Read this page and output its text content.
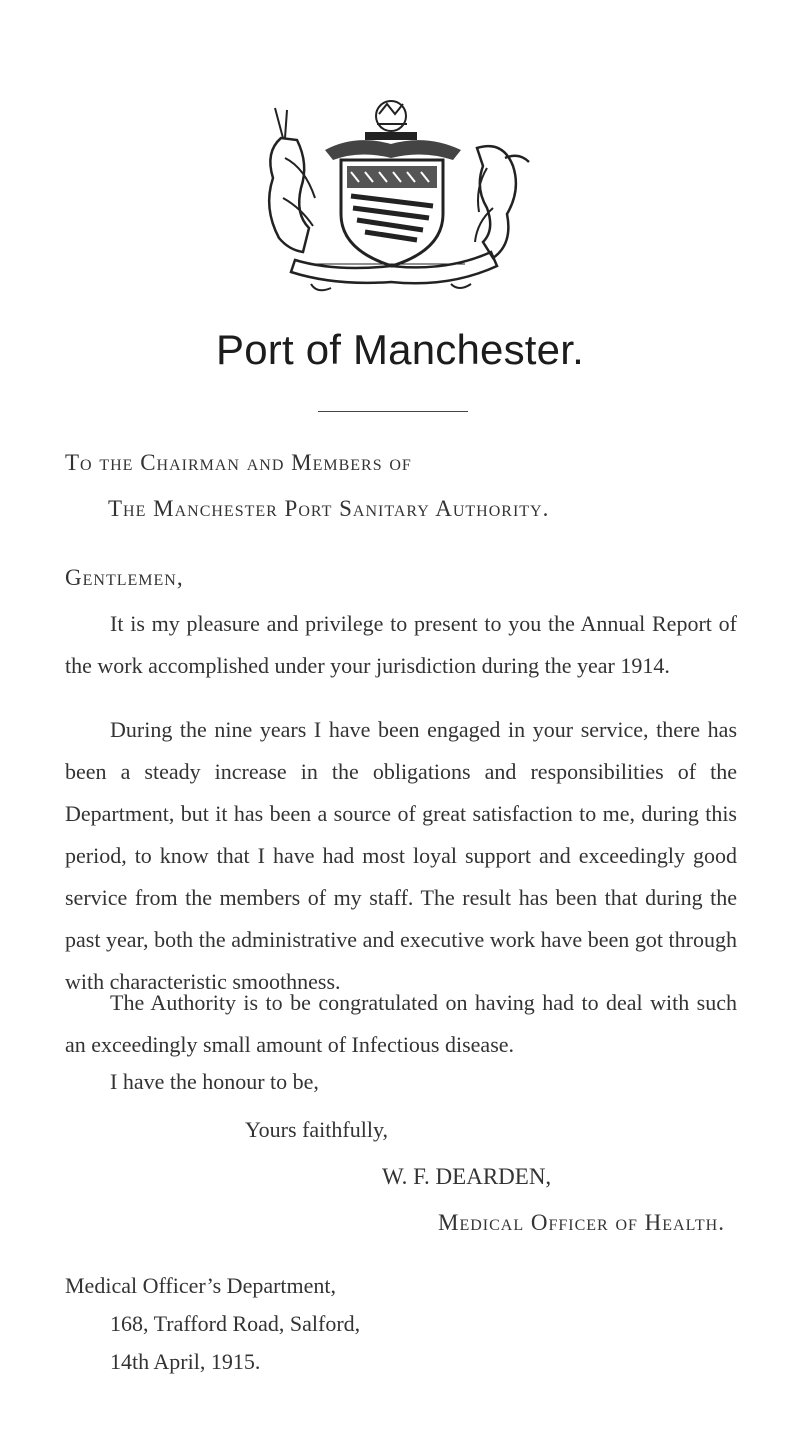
Port of Manchester.
To the Chairman and Members of
The Manchester Port Sanitary Authority.
Gentlemen,
It is my pleasure and privilege to present to you the Annual Report of the work accomplished under your jurisdiction during the year 1914.
During the nine years I have been engaged in your service, there has been a steady increase in the obligations and responsibilities of the Department, but it has been a source of great satisfaction to me, during this period, to know that I have had most loyal support and exceedingly good service from the members of my staff. The result has been that during the past year, both the administrative and executive work have been got through with characteristic smoothness.
The Authority is to be congratulated on having had to deal with such an exceedingly small amount of Infectious disease.
I have the honour to be,
Yours faithfully,
W. F. DEARDEN,
Medical Officer of Health.
Medical Officer’s Department,
168, Trafford Road, Salford,
14th April, 1915.
